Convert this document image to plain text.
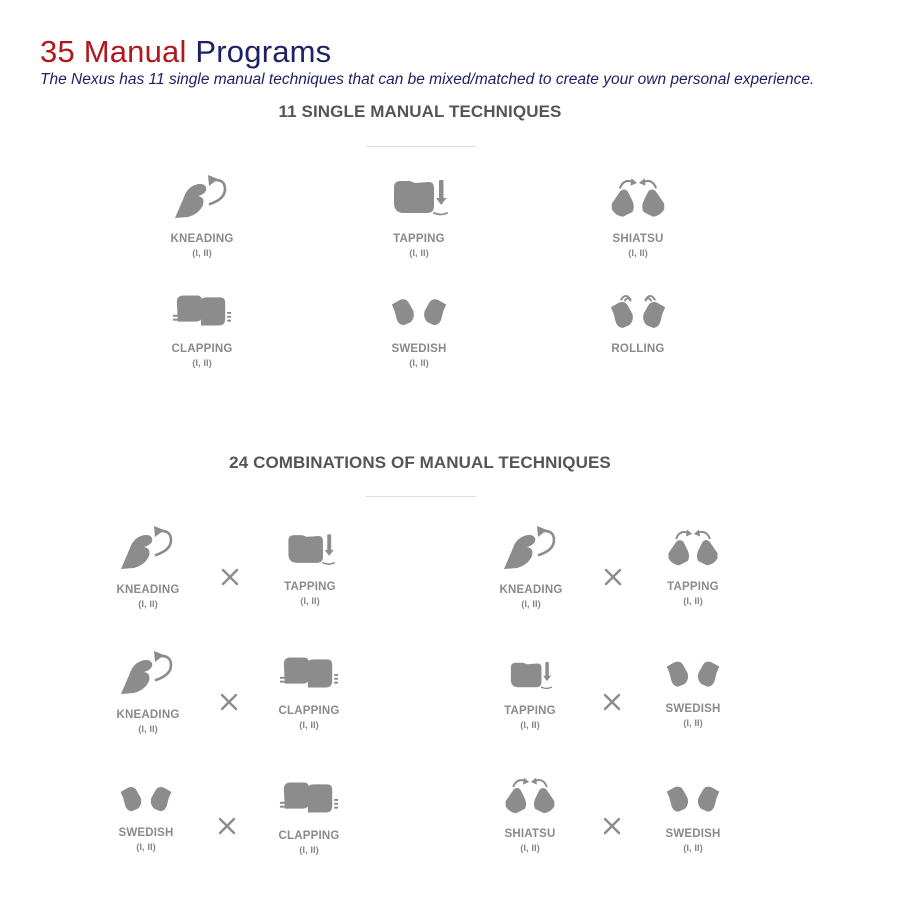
35 Manual Programs

The Nexus has 11 single manual techniques that can be mixed/matched to create your own personal experience.

11 SINGLE MANUAL TECHNIQUES
KNEADING
(I, II)
TAPPING
(I, II)
SHIATSU
(I, II)
CLAPPING
(I, II)
SWEDISH
(I, II)
ROLLING
24 COMBINATIONS OF MANUAL TECHNIQUES
KNEADING
(I, II)
TAPPING
(I, II)
KNEADING
(I, II)
TAPPING
(I, II)
KNEADING
(I, II)
CLAPPING
(I, II)
TAPPING
(I, II)
SWEDISH
(I, II)
SWEDISH
(I, II)
CLAPPING
(I, II)
SHIATSU
(I, II)
SWEDISH
(I, II)
